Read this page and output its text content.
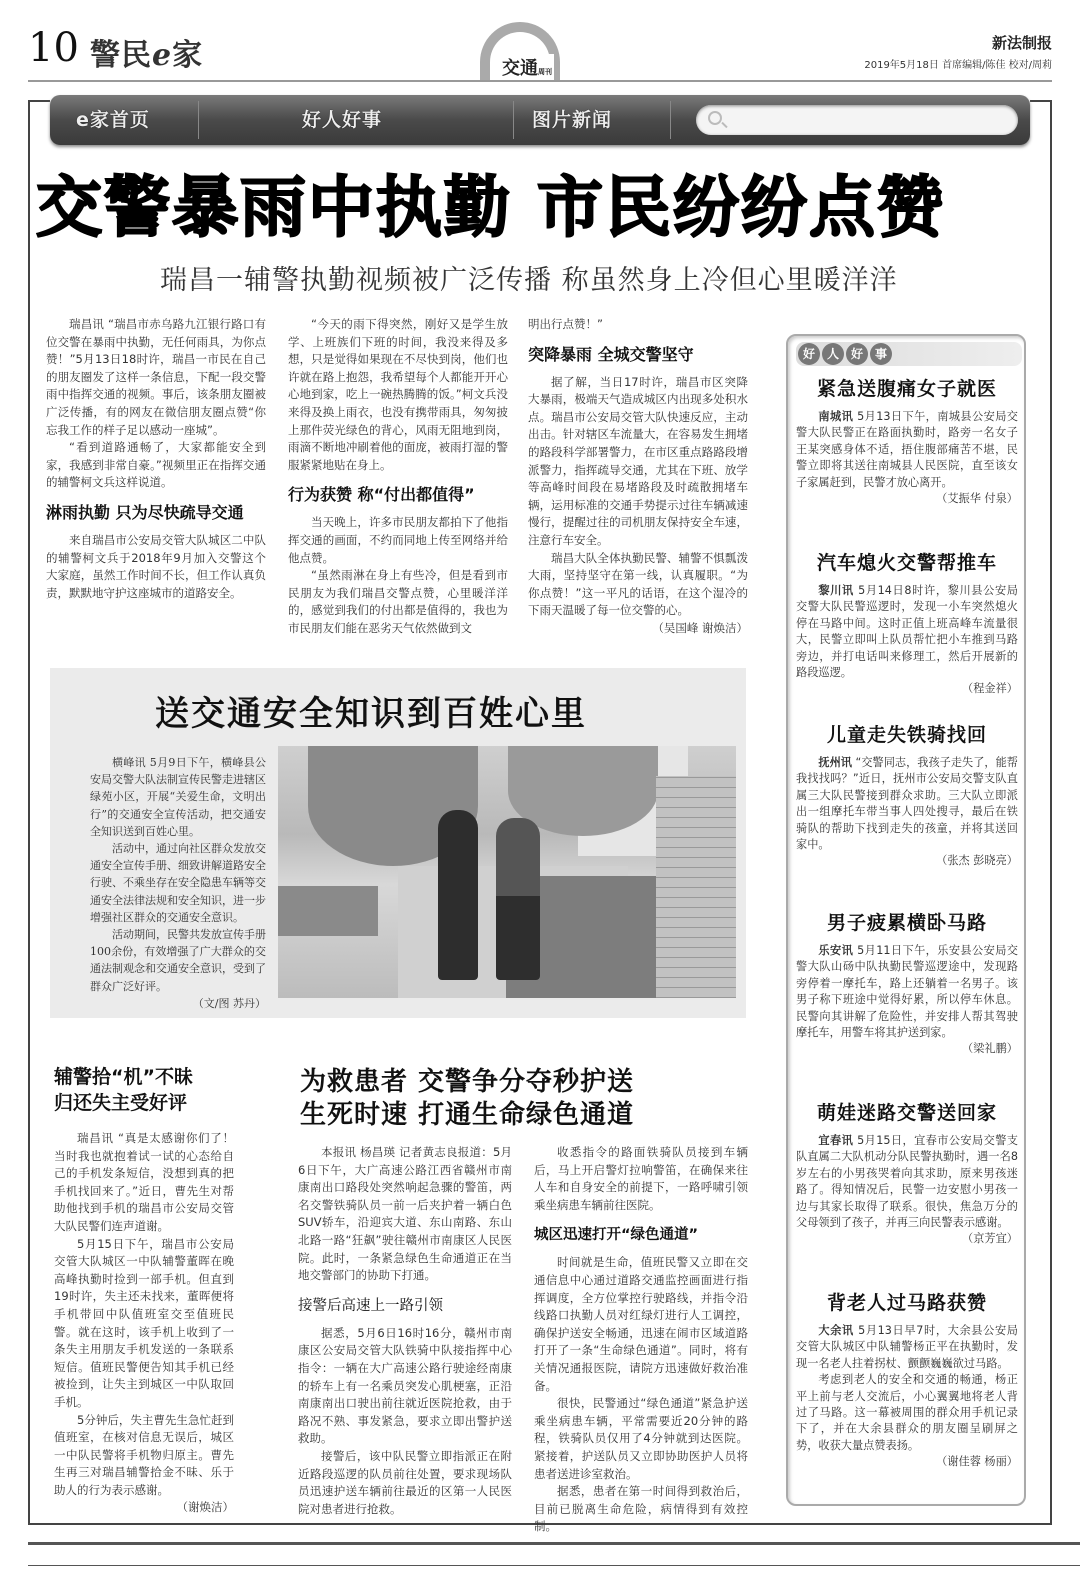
10 警民e家	新法制报
2019年5月18日 首席编辑/陈佳 校对/周莉
交通周刊
e家首页	好人好事	图片新闻
交警暴雨中执勤 市民纷纷点赞
瑞昌一辅警执勤视频被广泛传播 称虽然身上冷但心里暖洋洋

瑞昌讯 “瑞昌市赤乌路九江银行路口有位交警在暴雨中执勤，无任何雨具，为你点赞！”5月13日18时许，瑞昌一市民在自己的朋友圈发了这样一条信息，下配一段交警雨中指挥交通的视频。事后，该条朋友圈被广泛传播，有的网友在微信朋友圈点赞“你忘我工作的样子足以感动一座城”。

“看到道路通畅了，大家都能安全到家，我感到非常自豪。”视频里正在指挥交通的辅警柯文兵这样说道。

淋雨执勤 只为尽快疏导交通

来自瑞昌市公安局交管大队城区二中队的辅警柯文兵于2018年9月加入交警这个大家庭，虽然工作时间不长，但工作认真负责，默默地守护这座城市的道路安全。

“今天的雨下得突然，刚好又是学生放学、上班族们下班的时间，我没来得及多想，只是觉得如果现在不尽快到岗，他们也许就在路上抱怨，我希望每个人都能开开心心地到家，吃上一碗热腾腾的饭。”柯文兵没来得及换上雨衣，也没有携带雨具，匆匆披上那件荧光绿色的背心，风雨无阻地到岗，雨滴不断地冲刷着他的面庞，被雨打湿的警服紧紧地贴在身上。

行为获赞 称“付出都值得”

当天晚上，许多市民朋友都拍下了他指挥交通的画面，不约而同地上传至网络并给他点赞。

“虽然雨淋在身上有些冷，但是看到市民朋友为我们瑞昌交警点赞，心里暖洋洋的，感觉到我们的付出都是值得的，我也为市民朋友们能在恶劣天气依然做到文

明出行点赞！”

突降暴雨 全城交警坚守

据了解，当日17时许，瑞昌市区突降大暴雨，极端天气造成城区内出现多处积水点。瑞昌市公安局交管大队快速反应，主动出击。针对辖区车流量大，在容易发生拥堵的路段科学部署警力，在市区重点路路段增派警力，指挥疏导交通，尤其在下班、放学等高峰时间段在易堵路段及时疏散拥堵车辆，运用标准的交通手势提示过往车辆减速慢行，提醒过往的司机朋友保持安全车速，注意行车安全。

瑞昌大队全体执勤民警、辅警不惧瓢泼大雨，坚持坚守在第一线，认真履职。“为你点赞！”这一平凡的话语，在这个湿冷的下雨天温暖了每一位交警的心。

（吴国峰 谢焕洁）

送交通安全知识到百姓心里

横峰讯 5月9日下午，横峰县公安局交警大队法制宣传民警走进辖区绿苑小区，开展“关爱生命，文明出行”的交通安全宣传活动，把交通安全知识送到百姓心里。

活动中，通过向社区群众发放交通安全宣传手册、细致讲解道路安全行驶、不乘坐存在安全隐患车辆等交通安全法律法规和安全知识，进一步增强社区群众的交通安全意识。

活动期间，民警共发放宣传手册100余份，有效增强了广大群众的交通法制观念和交通安全意识，受到了群众广泛好评。

（文/图 苏丹）

辅警拾“机”不昧
归还失主受好评

瑞昌讯 “真是太感谢你们了！当时我也就抱着试一试的心态给自己的手机发条短信，没想到真的把手机找回来了。”近日，曹先生对帮助他找到手机的瑞昌市公安局交管大队民警们连声道谢。

5月15日下午，瑞昌市公安局交管大队城区一中队辅警董晖在晚高峰执勤时捡到一部手机。但直到19时许，失主还未找来，董晖便将手机带回中队值班室交至值班民警。就在这时，该手机上收到了一条失主用朋友手机发送的一条联系短信。值班民警便告知其手机已经被捡到，让失主到城区一中队取回手机。

5分钟后，失主曹先生急忙赶到值班室，在核对信息无误后，城区一中队民警将手机物归原主。曹先生再三对瑞昌辅警拾金不昧、乐于助人的行为表示感谢。

（谢焕洁）

为救患者 交警争分夺秒护送
生死时速 打通生命绿色通道

本报讯 杨昌瑛 记者黄志良报道：5月6日下午，大广高速公路江西省赣州市南康南出口路段处突然响起急骤的警笛，两名交警铁骑队员一前一后夹护着一辆白色SUV轿车，沿迎宾大道、东山南路、东山北路一路“狂飙”驶往赣州市南康区人民医院。此时，一条紧急绿色生命通道正在当地交警部门的协助下打通。

接警后高速上一路引领

据悉，5月6日16时16分，赣州市南康区公安局交管大队铁骑中队接指挥中心指令：一辆在大广高速公路行驶途经南康的轿车上有一名乘员突发心肌梗塞，正沿南康南出口驶出前往就近医院抢救，由于路况不熟、事发紧急，要求立即出警护送救助。

接警后，该中队民警立即指派正在附近路段巡逻的队员前往处置，要求现场队员迅速护送车辆前往最近的区第一人民医院对患者进行抢救。

收悉指令的路面铁骑队员接到车辆后，马上开启警灯拉响警笛，在确保来往人车和自身安全的前提下，一路呼啸引领乘坐病患车辆前往医院。

城区迅速打开“绿色通道”

时间就是生命，值班民警又立即在交通信息中心通过道路交通监控画面进行指挥调度，全方位掌控行驶路线，并指令沿线路口执勤人员对红绿灯进行人工调控，确保护送安全畅通，迅速在闹市区域道路打开了一条“生命绿色通道”。同时，将有关情况通报医院，请院方迅速做好救治准备。

很快，民警通过“绿色通道”紧急护送乘坐病患车辆，平常需要近20分钟的路程，铁骑队员仅用了4分钟就到达医院。紧接着，护送队员又立即协助医护人员将患者送进诊室救治。

据悉，患者在第一时间得到救治后，目前已脱离生命危险，病情得到有效控制。

好 人 好 事
紧急送腹痛女子就医

南城讯 5月13日下午，南城县公安局交警大队民警正在路面执勤时，路旁一名女子王某突感身体不适，捂住腹部痛苦不堪，民警立即将其送往南城县人民医院，直至该女子家属赶到，民警才放心离开。

（艾振华 付泉）

汽车熄火交警帮推车

黎川讯 5月14日8时许，黎川县公安局交警大队民警巡逻时，发现一小车突然熄火停在马路中间。这时正值上班高峰车流量很大，民警立即叫上队员帮忙把小车推到马路旁边，并打电话叫来修理工，然后开展新的路段巡逻。

（程金祥）

儿童走失铁骑找回

抚州讯 “交警同志，我孩子走失了，能帮我找找吗？”近日，抚州市公安局交警支队直属三大队民警接到群众求助。三大队立即派出一组摩托车带当事人四处搜寻，最后在铁骑队的帮助下找到走失的孩童，并将其送回家中。

（张杰 彭晓亮）

男子疲累横卧马路

乐安讯 5月11日下午，乐安县公安局交警大队山砀中队执勤民警巡逻途中，发现路旁停着一摩托车，路上还躺着一名男子。该男子称下班途中觉得好累，所以停车休息。民警向其讲解了危险性，并安排人帮其驾驶摩托车，用警车将其护送到家。

（梁礼鹏）

萌娃迷路交警送回家

宜春讯 5月15日，宜春市公安局交警支队直属二大队机动分队民警执勤时，遇一名8岁左右的小男孩哭着向其求助，原来男孩迷路了。得知情况后，民警一边安慰小男孩一边与其家长取得了联系。很快，焦急万分的父母领到了孩子，并再三向民警表示感谢。

（京芳宜）

背老人过马路获赞

大余讯 5月13日早7时，大余县公安局交管大队城区中队辅警杨正平在执勤时，发现一名老人拄着拐杖、颤颤巍巍欲过马路。

考虑到老人的安全和交通的畅通，杨正平上前与老人交流后，小心翼翼地将老人背过了马路。这一幕被周围的群众用手机记录下了，并在大余县群众的朋友圈呈刷屏之势，收获大量点赞表扬。

（谢佳蓉 杨丽）
